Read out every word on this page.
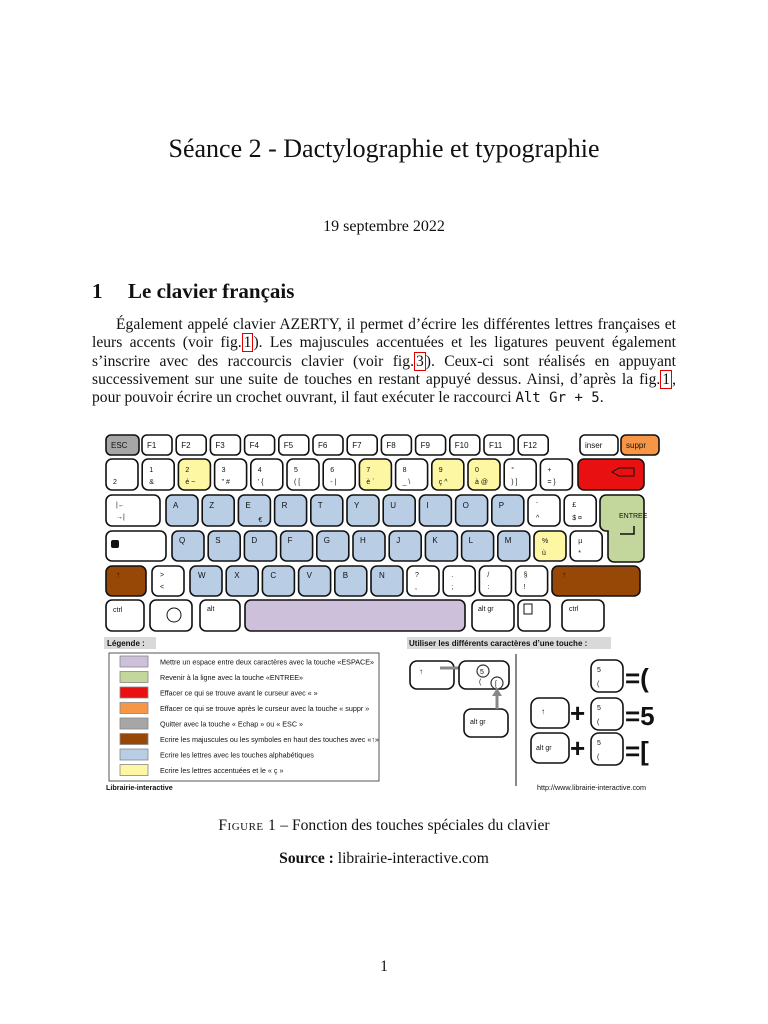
Séance 2 - Dactylographie et typographie
19 septembre 2022
1 Le clavier français
Également appelé clavier AZERTY, il permet d’écrire les différentes lettres françaises et leurs accents (voir fig. 1 ). Les majuscules accentuées et les ligatures peuvent également s’inscrire avec des raccourcis clavier (voir fig. 3 ). Ceux-ci sont réalisés en appuyant successivement sur une suite de touches en restant appuyé dessus. Ainsi, d’après la fig. 1 , pour pouvoir écrire un crochet ouvrant, il faut exécuter le raccourci Alt Gr + 5.
ESC F1	F2	F3	F4	F5	F6	F7	F8	F9	F10	F11	F12	inser	suppr
2
1
&
2
é ~
3
" #
4
' {
5
( [
6
- |
7
è `
8
_ \
9
ç ^
0
à @
°
) ]
+
= }
|←
→|
A	Z	E
€
R	T	Y	U	I	O	P	¨
^
£
$ ¤	ENTREE
Q	S	D	F	G	H	J	K	L	M	%
ù
µ
*
↑	>
<
W	X	C	V	B	N	?
,
.
;
/
:
§
!
↑
ctrl	alt	alt gr	ctrl
Légende :
Mettre un espace entre deux caractères avec la touche «ESPACE»
Revenir à la ligne avec la touche «ENTREE»
Effacer ce qui se trouve avant le curseur avec « »
Effacer ce qui se trouve après le curseur avec la touche « suppr »
Quitter avec la touche « Echap » ou « ESC »
Ecrire les majuscules ou les symboles en haut des touches avec «↑»
Ecrire les lettres avec les touches alphabétiques
Ecrire les lettres accentuées et le « ç »
Librairie-interactive
Utiliser les différents caractères d’une touche :
↑	5
( [
alt gr
5
( =(
↑ + 5
( =5
alt gr + 5
( =[
http://www.librairie-interactive.com
Figure 1 – Fonction des touches spéciales du clavier
Source : librairie-interactive.com
1
